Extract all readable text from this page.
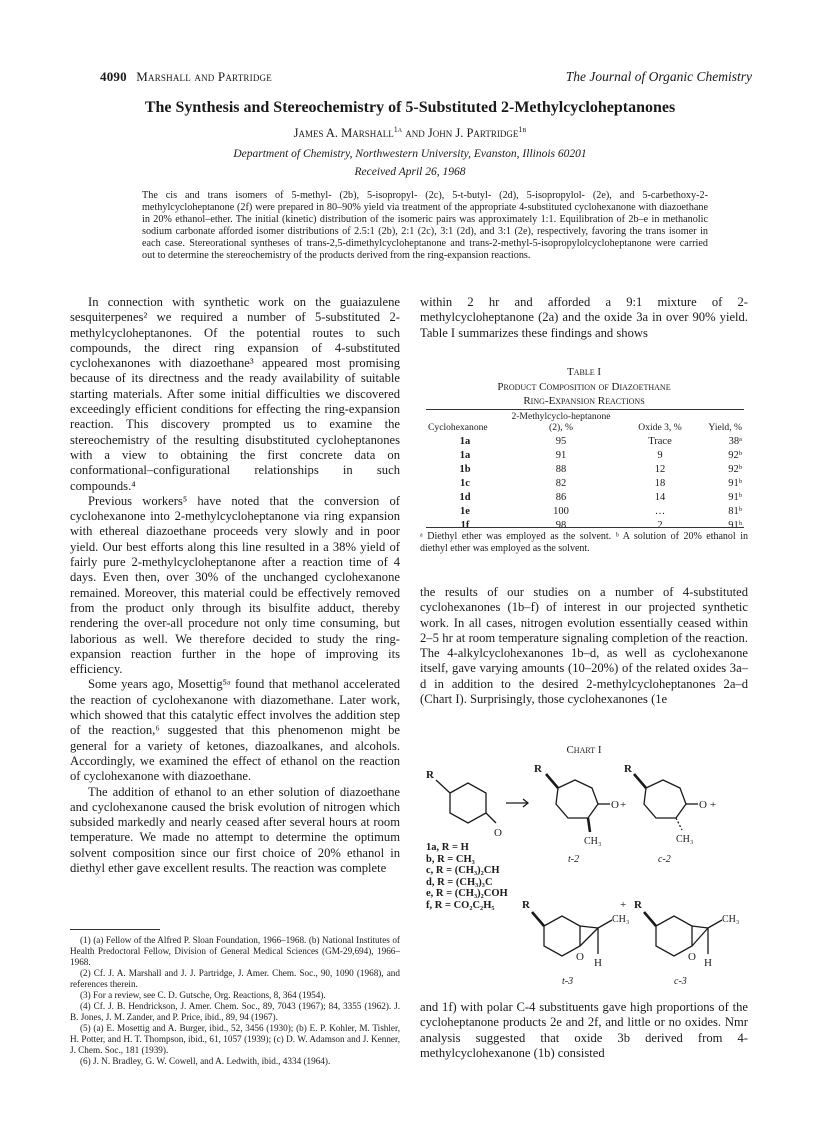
4090 Marshall and Partridge	The Journal of Organic Chemistry
The Synthesis and Stereochemistry of 5-Substituted 2-Methylcycloheptanones
James A. Marshall$^{1a}$ and John J. Partridge$^{1b}$
Department of Chemistry, Northwestern University, Evanston, Illinois 60201
Received April 26, 1968
The cis and trans isomers of 5-methyl- (2b), 5-isopropyl- (2c), 5-t-butyl- (2d), 5-isopropylol- (2e), and 5-carbethoxy-2-methylcycloheptanone (2f) were prepared in 80–90% yield via treatment of the appropriate 4-substituted cyclohexanone with diazoethane in 20% ethanol–ether. The initial (kinetic) distribution of the isomeric pairs was approximately 1:1. Equilibration of 2b–e in methanolic sodium carbonate afforded isomer distributions of 2.5:1 (2b), 2:1 (2c), 3:1 (2d), and 3:1 (2e), respectively, favoring the trans isomer in each case. Stereorational syntheses of trans-2,5-dimethylcycloheptanone and trans-2-methyl-5-isopropylolcycloheptanone were carried out to determine the stereochemistry of the products derived from the ring-expansion reactions.

In connection with synthetic work on the guaiazulene sesquiterpenes² we required a number of 5-substituted 2-methylcycloheptanones. Of the potential routes to such compounds, the direct ring expansion of 4-substituted cyclohexanones with diazoethane³ appeared most promising because of its directness and the ready availability of suitable starting materials. After some initial difficulties we discovered exceedingly efficient conditions for effecting the ring-expansion reaction. This discovery prompted us to examine the stereochemistry of the resulting disubstituted cycloheptanones with a view to obtaining the first concrete data on conformational–configurational relationships in such compounds.⁴

Previous workers⁵ have noted that the conversion of cyclohexanone into 2-methylcycloheptanone via ring expansion with ethereal diazoethane proceeds very slowly and in poor yield. Our best efforts along this line resulted in a 38% yield of fairly pure 2-methylcycloheptanone after a reaction time of 4 days. Even then, over 30% of the unchanged cyclohexanone remained. Moreover, this material could be effectively removed from the product only through its bisulfite adduct, thereby rendering the over-all procedure not only time consuming, but laborious as well. We therefore decided to study the ring-expansion reaction further in the hope of improving its efficiency.

Some years ago, Mosettig⁵ᵃ found that methanol accelerated the reaction of cyclohexanone with diazomethane. Later work, which showed that this catalytic effect involves the addition step of the reaction,⁶ suggested that this phenomenon might be general for a variety of ketones, diazoalkanes, and alcohols. Accordingly, we examined the effect of ethanol on the reaction of cyclohexanone with diazoethane.

The addition of ethanol to an ether solution of diazoethane and cyclohexanone caused the brisk evolution of nitrogen which subsided markedly and nearly ceased after several hours at room temperature. We made no attempt to determine the optimum solvent composition since our first choice of 20% ethanol in diethyl ether gave excellent results. The reaction was complete

within 2 hr and afforded a 9:1 mixture of 2-methylcycloheptanone (2a) and the oxide 3a in over 90% yield. Table I summarizes these findings and shows

Table I
Product Composition of Diazoethane
Ring-Expansion Reactions
Cyclohexanone	2-Methylcyclo-heptanone (2), %	Oxide 3, %	Yield, %
1a	95	Trace	38ᵃ
1a	91	9	92ᵇ
1b	88	12	92ᵇ
1c	82	18	91ᵇ
1d	86	14	91ᵇ
1e	100	…	81ᵇ
1f	98	2	91ᵇ
ᵃ Diethyl ether was employed as the solvent. ᵇ A solution of 20% ethanol in diethyl ether was employed as the solvent.

the results of our studies on a number of 4-substituted cyclohexanones (1b–f) of interest in our projected synthetic work. In all cases, nitrogen evolution essentially ceased within 2–5 hr at room temperature signaling completion of the reaction. The 4-alkylcyclohexanones 1b–d, as well as cyclohexanone itself, gave varying amounts (10–20%) of the related oxides 3a–d in addition to the desired 2-methylcycloheptanones 2a–d (Chart I). Surprisingly, those cyclohexanones (1e

Chart I
R
O
R
O +
CH₃
t-2
R
O +
CH₃
c-2
R
O
CH₃
H
+
t-3
R
O
CH₃
H
c-3
1a, R = H
b, R = CH₃
c, R = (CH₃)₂CH
d, R = (CH₃)₃C
e, R = (CH₃)₂COH
f, R = CO₂C₂H₅

and 1f) with polar C-4 substituents gave high proportions of the cycloheptanone products 2e and 2f, and little or no oxides. Nmr analysis suggested that oxide 3b derived from 4-methylcyclohexanone (1b) consisted

(1) (a) Fellow of the Alfred P. Sloan Foundation, 1966–1968. (b) National Institutes of Health Predoctoral Fellow, Division of General Medical Sciences (GM-29,694), 1966–1968.

(2) Cf. J. A. Marshall and J. J. Partridge, J. Amer. Chem. Soc., 90, 1090 (1968), and references therein.

(3) For a review, see C. D. Gutsche, Org. Reactions, 8, 364 (1954).

(4) Cf. J. B. Hendrickson, J. Amer. Chem. Soc., 89, 7043 (1967); 84, 3355 (1962). J. B. Jones, J. M. Zander, and P. Price, ibid., 89, 94 (1967).

(5) (a) E. Mosettig and A. Burger, ibid., 52, 3456 (1930); (b) E. P. Kohler, M. Tishler, H. Potter, and H. T. Thompson, ibid., 61, 1057 (1939); (c) D. W. Adamson and J. Kenner, J. Chem. Soc., 181 (1939).

(6) J. N. Bradley, G. W. Cowell, and A. Ledwith, ibid., 4334 (1964).
